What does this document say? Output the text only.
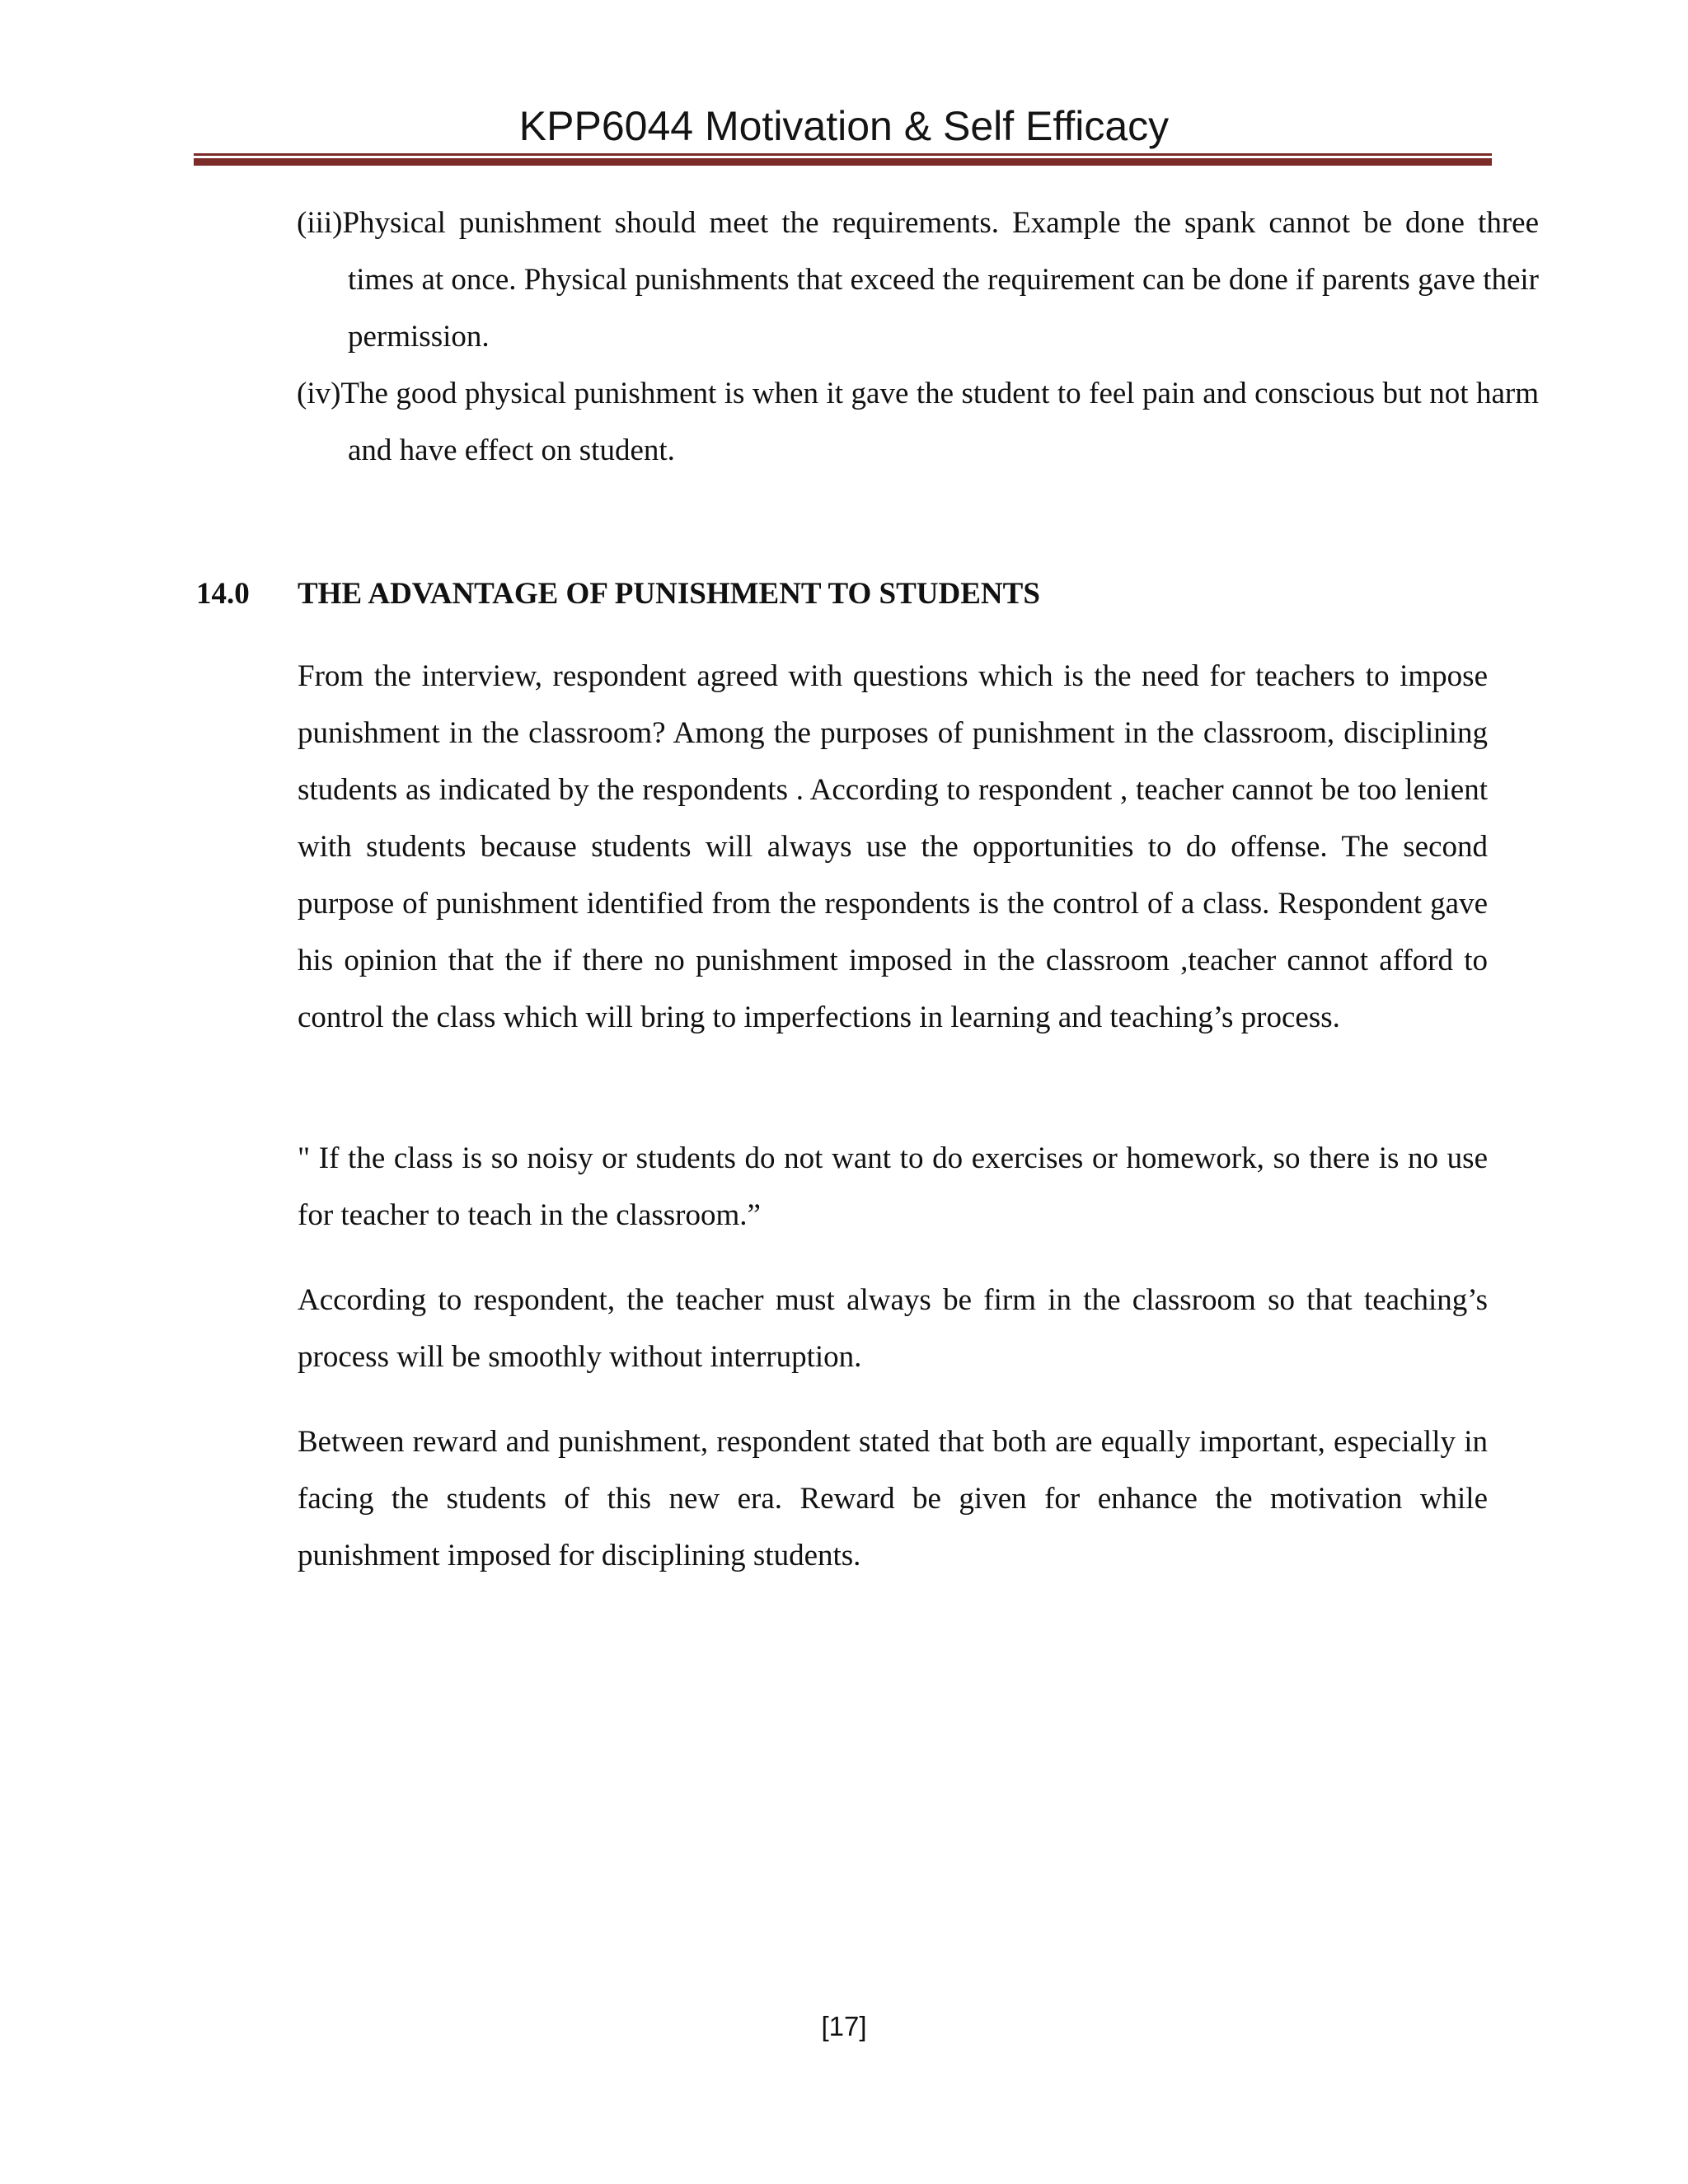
KPP6044 Motivation & Self Efficacy
(iii)Physical punishment should meet the requirements. Example the spank cannot be done three times at once. Physical punishments that exceed the requirement can be done if parents gave their permission.
(iv)The good physical punishment is when it gave the student to feel pain and conscious but not harm and have effect on student.
14.0 THE ADVANTAGE OF PUNISHMENT TO STUDENTS

From the interview, respondent agreed with questions which is the need for teachers to impose punishment in the classroom? Among the purposes of punishment in the classroom, disciplining students as indicated by the respondents . According to respondent , teacher cannot be too lenient with students because students will always use the opportunities to do offense. The second purpose of punishment identified from the respondents is the control of a class. Respondent gave his opinion that the if there no punishment imposed in the classroom ,teacher cannot afford to control the class which will bring to imperfections in learning and teaching’s process.

" If the class is so noisy or students do not want to do exercises or homework, so there is no use for teacher to teach in the classroom.”

According to respondent, the teacher must always be firm in the classroom so that teaching’s process will be smoothly without interruption.

Between reward and punishment, respondent stated that both are equally important, especially in facing the students of this new era. Reward be given for enhance the motivation while punishment imposed for disciplining students.

[17]
